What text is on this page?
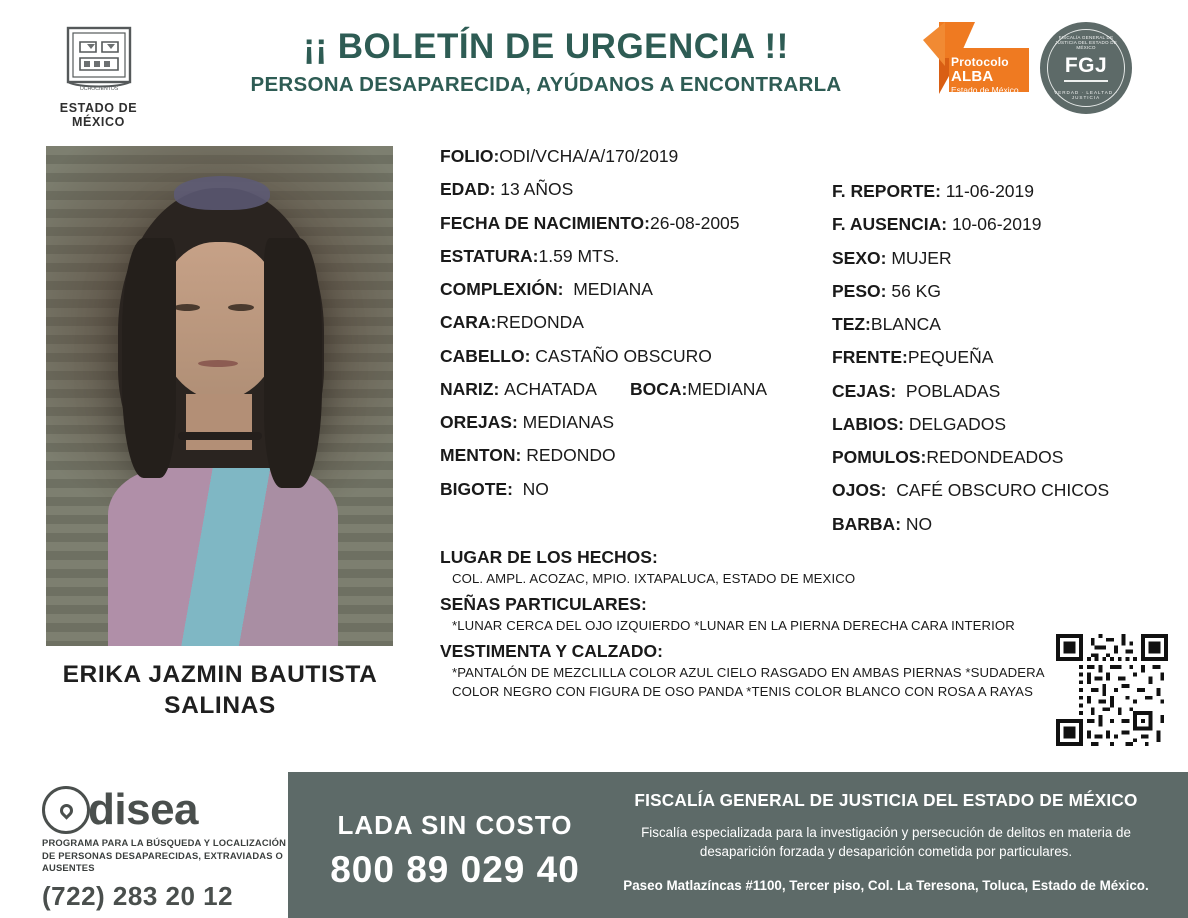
OCHOCIENTOS
ESTADO DE MÉXICO
¡¡ BOLETÍN DE URGENCIA !!
PERSONA DESAPARECIDA, AYÚDANOS A ENCONTRARLA
Protocolo
ALBA
Estado de México
FISCALÍA GENERAL DE JUSTICIA DEL ESTADO DE MÉXICO
FGJ
VERDAD · LEALTAD · JUSTICIA
ERIKA JAZMIN BAUTISTA SALINAS
FOLIO:ODI/VCHA/A/170/2019
EDAD: 13 AÑOS
FECHA DE NACIMIENTO:26-08-2005
ESTATURA:1.59 MTS.
COMPLEXIÓN: MEDIANA
CARA:REDONDA
CABELLO: CASTAÑO OBSCURO
NARIZ: ACHATADA BOCA:MEDIANA
OREJAS: MEDIANAS
MENTON: REDONDO
BIGOTE: NO
F. REPORTE: 11-06-2019
F. AUSENCIA: 10-06-2019
SEXO: MUJER
PESO: 56 KG
TEZ:BLANCA
FRENTE:PEQUEÑA
CEJAS: POBLADAS
LABIOS: DELGADOS
POMULOS:REDONDEADOS
OJOS: CAFÉ OBSCURO CHICOS
BARBA: NO
LUGAR DE LOS HECHOS:
COL. AMPL. ACOZAC, MPIO. IXTAPALUCA, ESTADO DE MEXICO
SEÑAS PARTICULARES:
*LUNAR CERCA DEL OJO IZQUIERDO *LUNAR EN LA PIERNA DERECHA CARA INTERIOR
VESTIMENTA Y CALZADO:
*PANTALÓN DE MEZCLILLA COLOR AZUL CIELO RASGADO EN AMBAS PIERNAS *SUDADERA COLOR NEGRO CON FIGURA DE OSO PANDA *TENIS COLOR BLANCO CON ROSA A RAYAS
disea
PROGRAMA PARA LA BÚSQUEDA Y LOCALIZACIÓN DE PERSONAS DESAPARECIDAS, EXTRAVIADAS O AUSENTES
(722) 283 20 12
LADA SIN COSTO
800 89 029 40
FISCALÍA GENERAL DE JUSTICIA DEL ESTADO DE MÉXICO
Fiscalía especializada para la investigación y persecución de delitos en materia de desaparición forzada y desaparición cometida por particulares.
Paseo Matlazíncas #1100, Tercer piso, Col. La Teresona, Toluca, Estado de México.
